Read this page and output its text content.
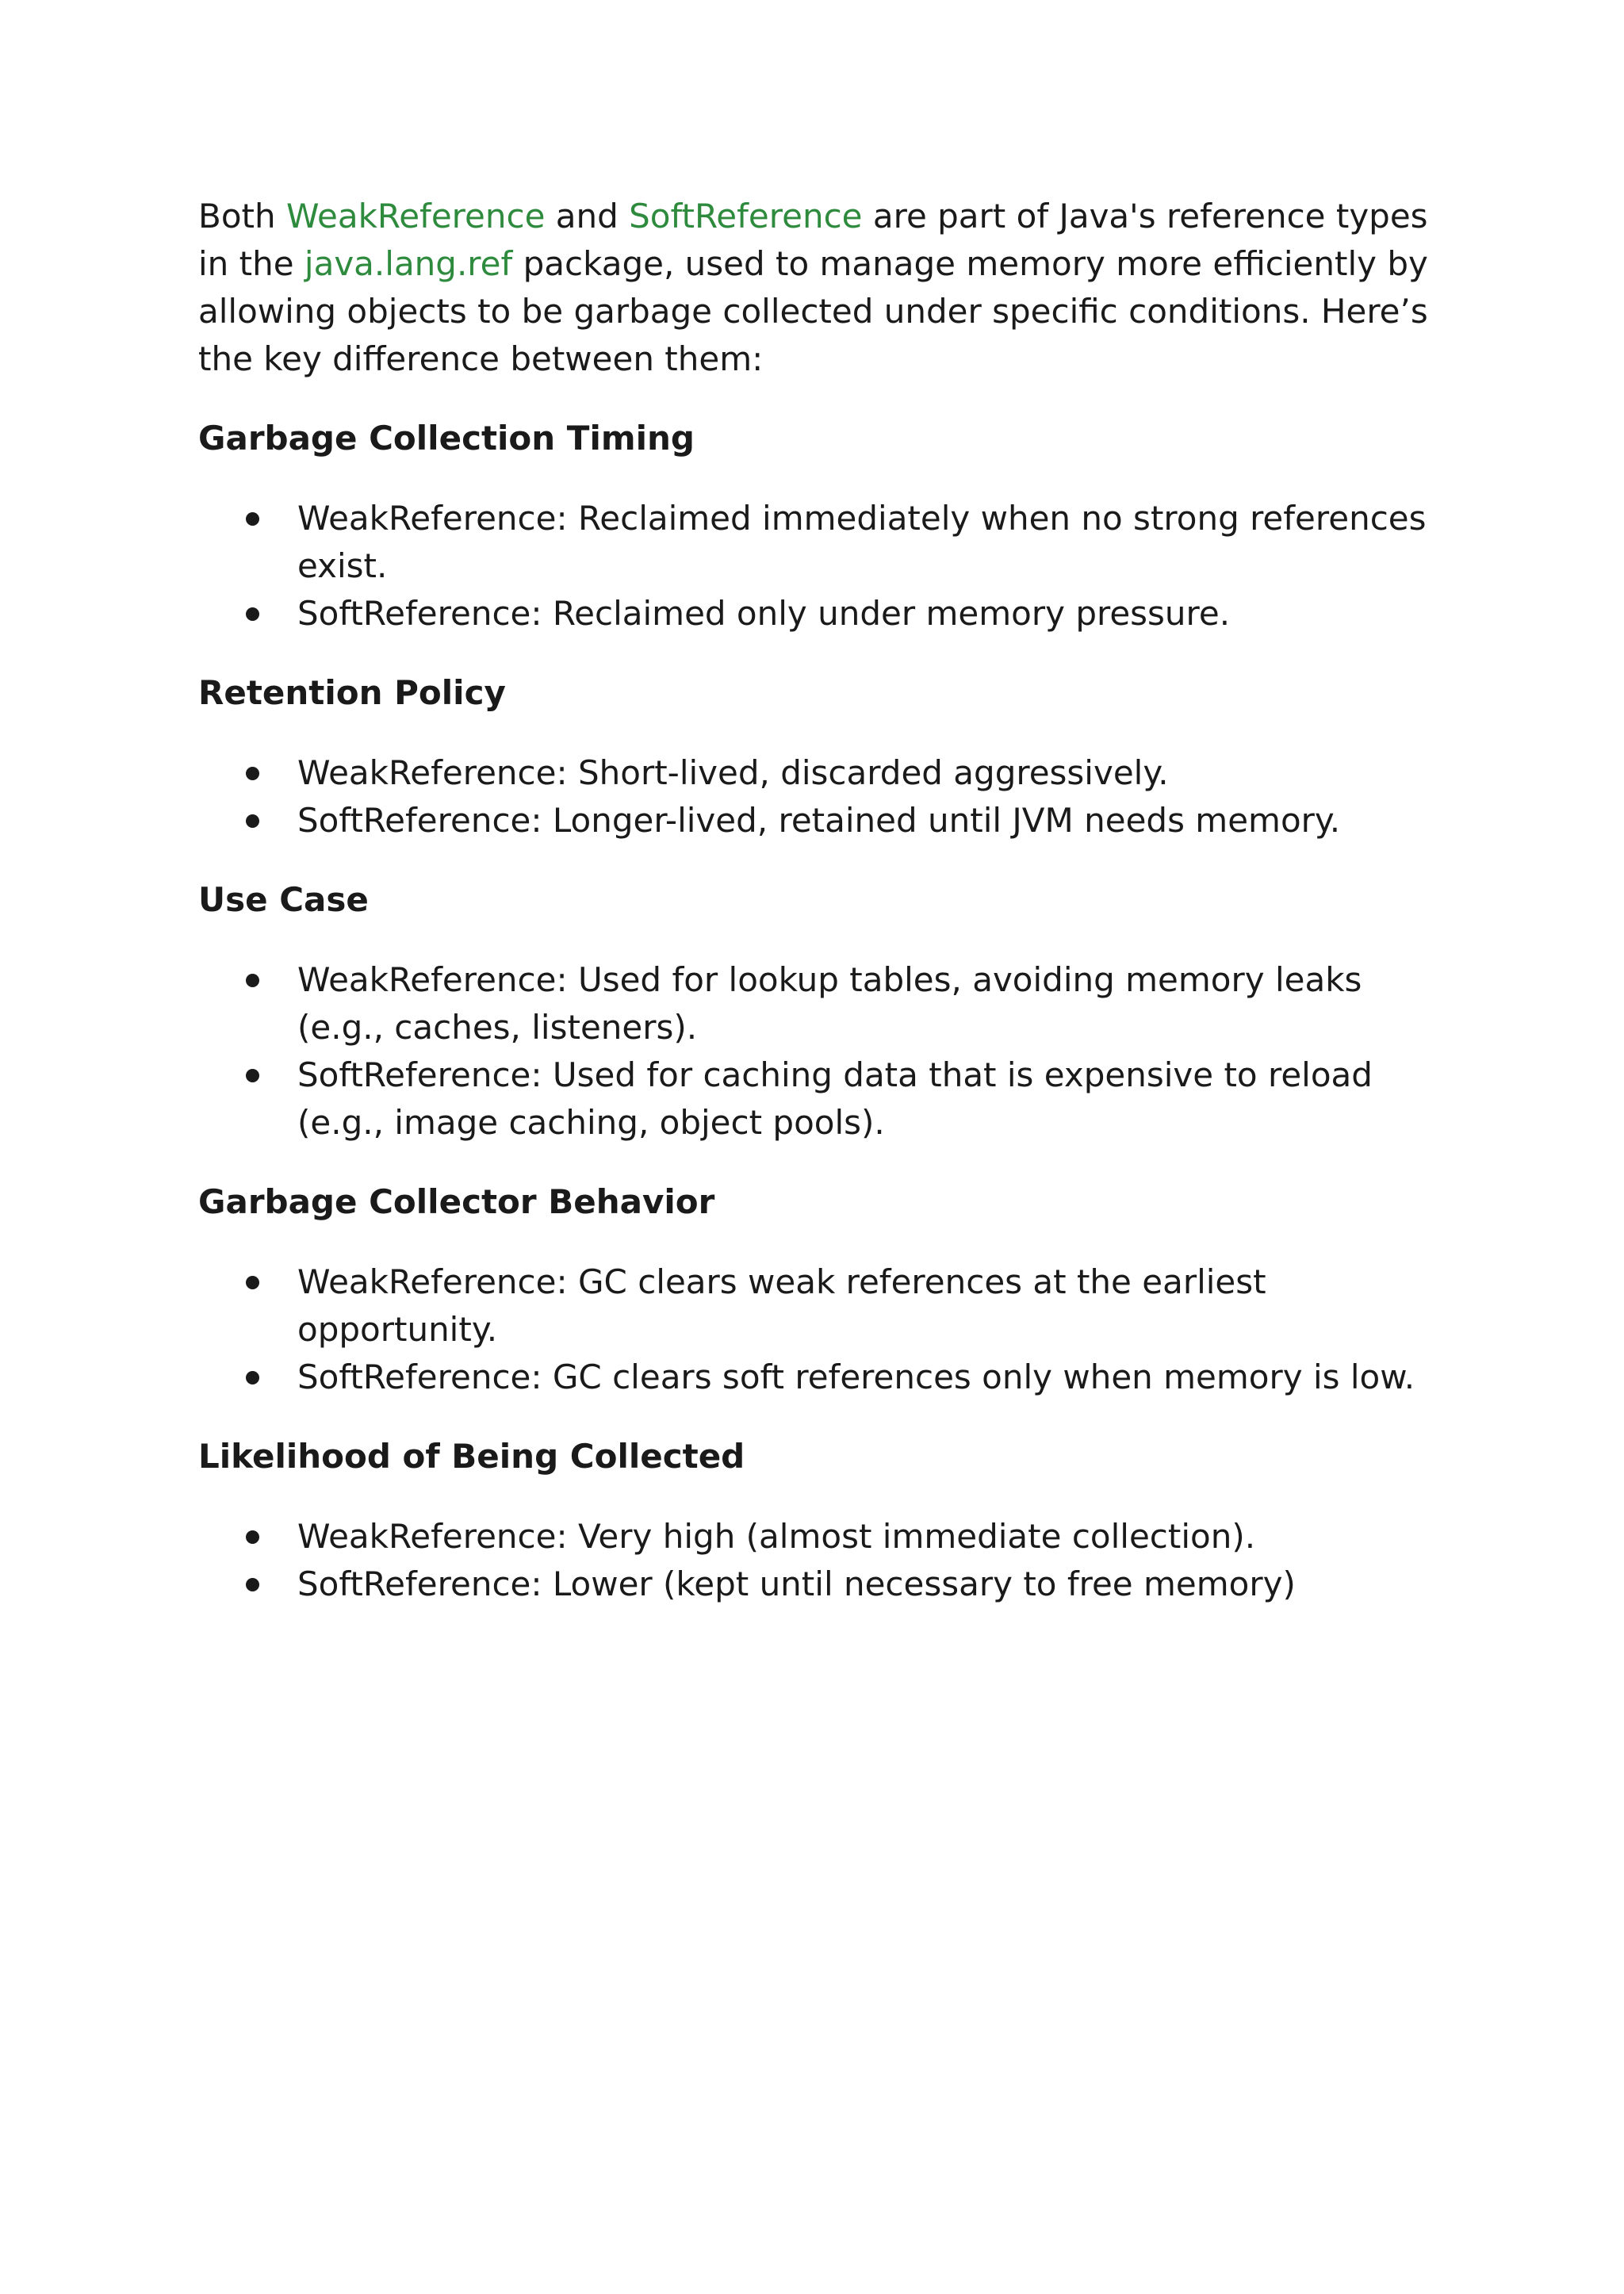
Both WeakReference and SoftReference are part of Java's reference types in the java.lang.ref package, used to manage memory more efficiently by allowing objects to be garbage collected under specific conditions. Here’s the key difference between them:

Garbage Collection Timing
WeakReference: Reclaimed immediately when no strong references exist.
SoftReference: Reclaimed only under memory pressure.
Retention Policy
WeakReference: Short-lived, discarded aggressively.
SoftReference: Longer-lived, retained until JVM needs memory.
Use Case
WeakReference: Used for lookup tables, avoiding memory leaks (e.g., caches, listeners).
SoftReference: Used for caching data that is expensive to reload (e.g., image caching, object pools).
Garbage Collector Behavior
WeakReference: GC clears weak references at the earliest opportunity.
SoftReference: GC clears soft references only when memory is low.
Likelihood of Being Collected
WeakReference: Very high (almost immediate collection).
SoftReference: Lower (kept until necessary to free memory)
